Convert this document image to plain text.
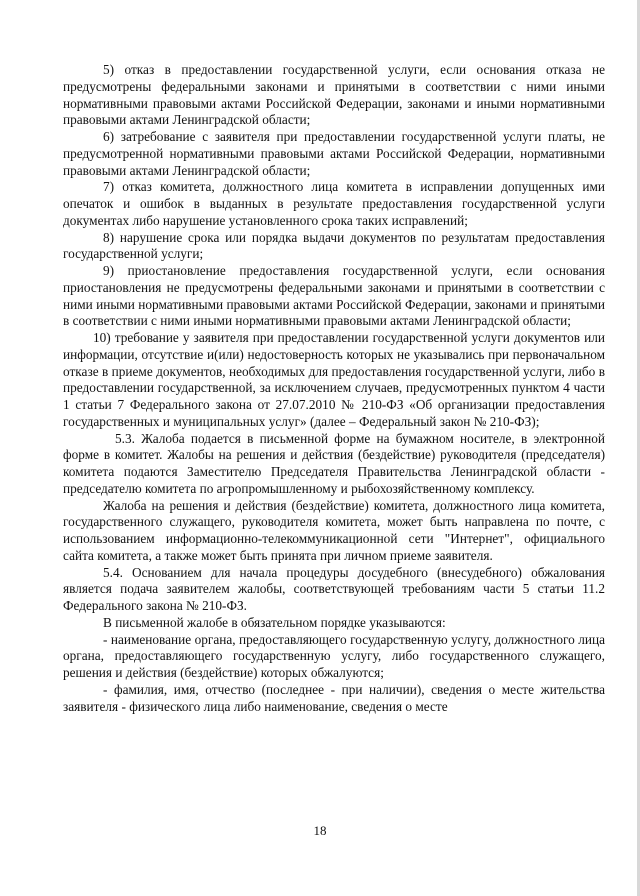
5) отказ в предоставлении государственной услуги, если основания отказа не предусмотрены федеральными законами и принятыми в соответствии с ними иными нормативными правовыми актами Российской Федерации, законами и иными нормативными правовыми актами Ленинградской области;

6) затребование с заявителя при предоставлении государственной услуги платы, не предусмотренной нормативными правовыми актами Российской Федерации, нормативными правовыми актами Ленинградской области;

7) отказ комитета, должностного лица комитета в исправлении допущенных ими опечаток и ошибок в выданных в результате предоставления государственной услуги документах либо нарушение установленного срока таких исправлений;

8) нарушение срока или порядка выдачи документов по результатам предоставления государственной услуги;

9) приостановление предоставления государственной услуги, если основания приостановления не предусмотрены федеральными законами и принятыми в соответствии с ними иными нормативными правовыми актами Российской Федерации, законами и принятыми в соответствии с ними иными нормативными правовыми актами Ленинградской области;

10) требование у заявителя при предоставлении государственной услуги документов или информации, отсутствие и(или) недостоверность которых не указывались при первоначальном отказе в приеме документов, необходимых для предоставления государственной услуги, либо в предоставлении государственной, за исключением случаев, предусмотренных пунктом 4 части 1 статьи 7 Федерального закона от 27.07.2010 № 210-ФЗ «Об организации предоставления государственных и муниципальных услуг» (далее – Федеральный закон № 210-ФЗ);

5.3. Жалоба подается в письменной форме на бумажном носителе, в электронной форме в комитет. Жалобы на решения и действия (бездействие) руководителя (председателя) комитета подаются Заместителю Председателя Правительства Ленинградской области - председателю комитета по агропромышленному и рыбохозяйственному комплексу.

Жалоба на решения и действия (бездействие) комитета, должностного лица комитета, государственного служащего, руководителя комитета, может быть направлена по почте, с использованием информационно-телекоммуникационной сети "Интернет", официального сайта комитета, а также может быть принята при личном приеме заявителя.

5.4. Основанием для начала процедуры досудебного (внесудебного) обжалования является подача заявителем жалобы, соответствующей требованиям части 5 статьи 11.2 Федерального закона № 210-ФЗ.

В письменной жалобе в обязательном порядке указываются:

- наименование органа, предоставляющего государственную услугу, должностного лица органа, предоставляющего государственную услугу, либо государственного служащего, решения и действия (бездействие) которых обжалуются;

- фамилия, имя, отчество (последнее - при наличии), сведения о месте жительства заявителя - физического лица либо наименование, сведения о месте

18
